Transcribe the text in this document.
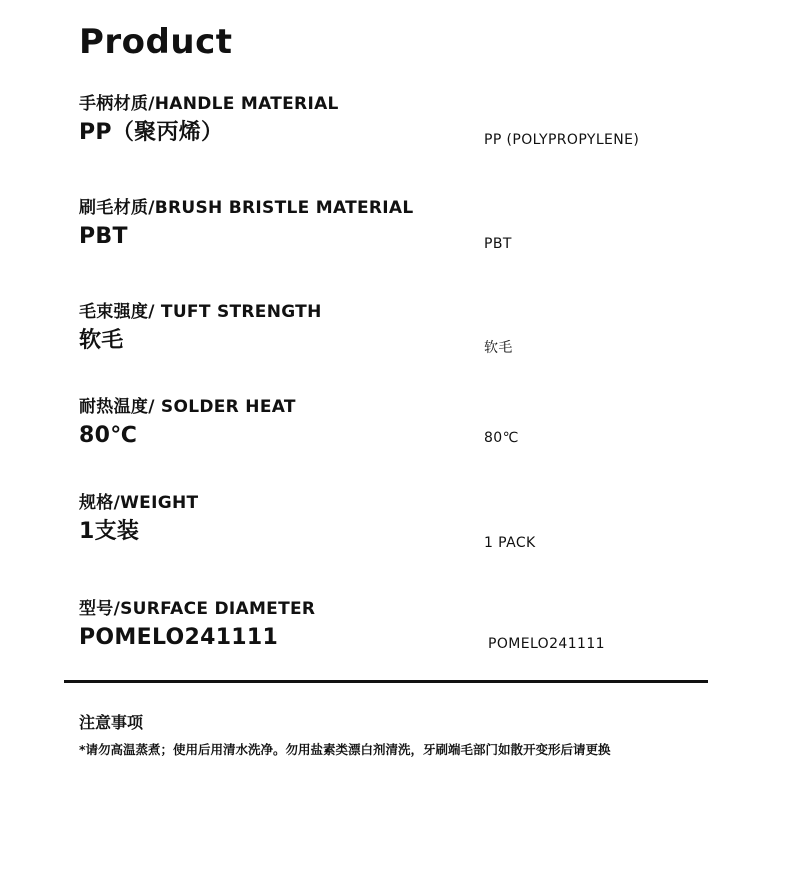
Product
手柄材质/HANDLE MATERIAL
PP（聚丙烯）	PP (POLYPROPYLENE)
刷毛材质/BRUSH BRISTLE MATERIAL
PBT	PBT
毛束强度/ TUFT STRENGTH
软毛	软毛
耐热温度/ SOLDER HEAT
80℃	80℃
规格/WEIGHT
1支装	1 PACK
型号/SURFACE DIAMETER
POMELO241111	POMELO241111
注意事项
*请勿高温蒸煮；使用后用清水洗净。勿用盐素类漂白剂清洗，牙刷端毛部门如散开变形后请更换
